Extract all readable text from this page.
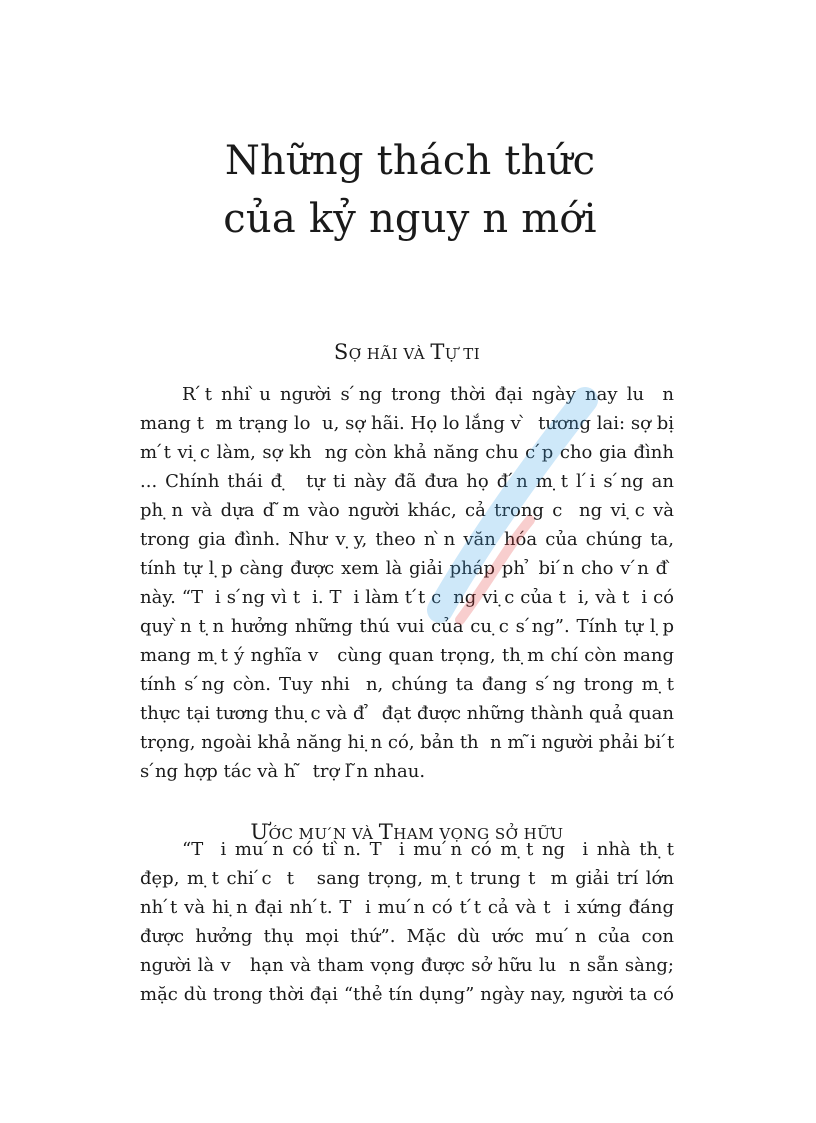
Những thách thức
của kỷ nguy n mới
SỢ HÃI VÀ TỰ TI
R ́t nhi ̀u người s ́ng trong thời đại ngày nay lu  n
mang t  m trạng lo  u, sợ hãi. Họ lo lắng v ̀  tương lai: sợ bị
m ́t vi ̣c làm, sợ kh  ng còn khả năng chu c ́p cho gia đình
... Chính thái đ ̣  tự ti này đã đưa họ đ ́n m ̣t l ́i s ́ng an
ph ̣n và dựa d ̃m vào người khác, cả trong c  ng vi ̣c và
trong gia đình. Như v ̣y, theo n ̀n văn hóa của chúng ta,
tính tự l ̣p càng được xem là giải pháp ph ̉ bi ́n cho v ́n đ ̀
này. “T  i s ́ng vì t  i. T  i làm t ́t c  ng vi ̣c của t  i, và t  i có
quy ̀n t ̣n hưởng những thú vui của cu ̣c s ́ng”. Tính tự l ̣p
mang m ̣t ý nghĩa v   cùng quan trọng, th ̣m chí còn mang
tính s ́ng còn. Tuy nhi  n, chúng ta đang s ́ng trong m ̣t
thực tại tương thu ̣c và đ ̉  đạt được những thành quả quan
trọng, ngoài khả năng hi ̣n có, bản th  n m ̃i người phải bi ́t
s ́ng hợp tác và h ̃  trợ l ̃n nhau.
ƯỚC MU ́N VÀ THAM VỌNG SỞ HỮU
“T  i mu ́n có ti ̀n. T  i mu ́n có m ̣t ng  i nhà th ̣t
đẹp, m ̣t chi ́c  t   sang trọng, m ̣t trung t  m giải trí lớn
nh ́t và hi ̣n đại nh ́t. T  i mu ́n có t ́t cả và t  i xứng đáng
được hưởng thụ mọi thứ”. Mặc dù ước mu ́n của con
người là v   hạn và tham vọng được sở hữu lu  n sẵn sàng;
mặc dù trong thời đại “thẻ tín dụng” ngày nay, người ta có
